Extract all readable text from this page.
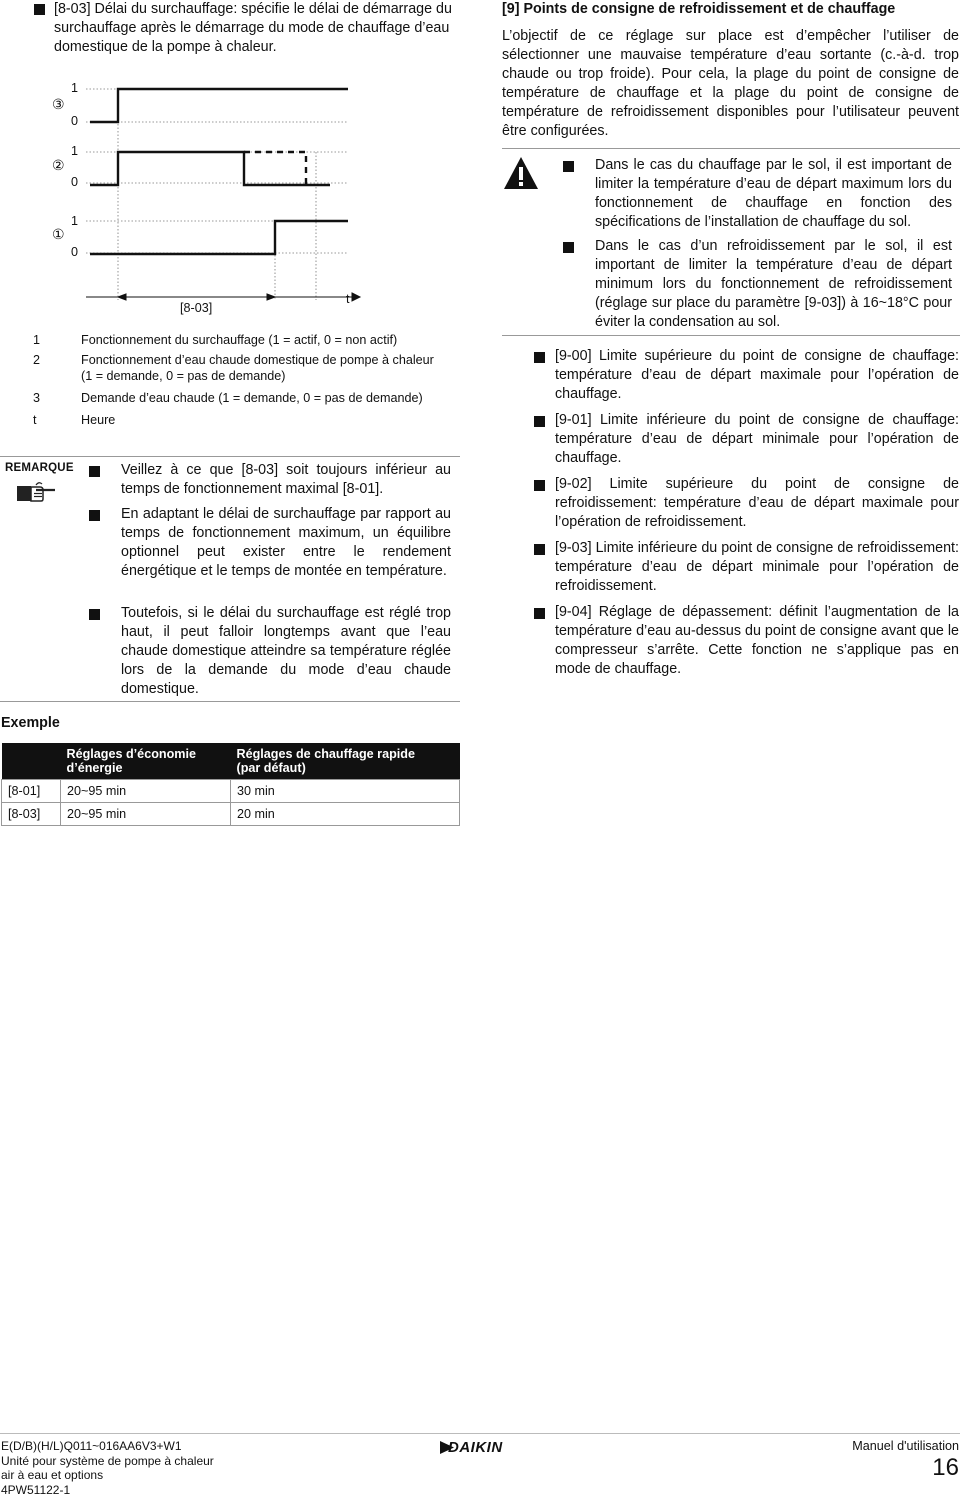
[8-03] Délai du surchauffage: spécifie le délai de démarrage du surchauffage après le démarrage du mode de chauffage d’eau domestique de la pompe à chaleur.
③
②
①
1
0
1
0
1
0
[8-03]
t
1	Fonctionnement du surchauffage (1 = actif, 0 = non actif)
2	Fonctionnement d’eau chaude domestique de pompe à chaleur
(1 = demande, 0 = pas de demande)
3	Demande d’eau chaude (1 = demande, 0 = pas de demande)
t	Heure
REMARQUE	Veillez à ce que [8-03] soit toujours inférieur au temps de fonctionnement maximal [8-01].
En adaptant le délai de surchauffage par rapport au temps de fonctionnement maximum, un équilibre optionnel peut exister entre le rendement énergétique et le temps de montée en température.
Toutefois, si le délai du surchauffage est réglé trop haut, il peut falloir longtemps avant que l’eau chaude domestique atteindre sa température réglée lors de la demande du mode d’eau chaude domestique.
Exemple
	Réglages d’économie
d’énergie	Réglages de chauffage rapide
(par défaut)
[8-01]	20~95 min	30 min
[8-03]	20~95 min	20 min
[9] Points de consigne de refroidissement et de chauffage
L’objectif de ce réglage sur place est d’empêcher l’utiliser de sélectionner une mauvaise température d’eau sortante (c.-à-d. trop chaude ou trop froide). Pour cela, la plage du point de consigne de température de chauffage et la plage du point de consigne de température de refroidissement disponibles pour l’utilisateur peuvent être configurées.
Dans le cas du chauffage par le sol, il est important de limiter la température d’eau de départ maximum lors du fonctionnement de chauffage en fonction des spécifications de l’installation de chauffage du sol.
Dans le cas d’un refroidissement par le sol, il est important de limiter la température d’eau de départ minimum lors du fonctionnement de refroidissement (réglage sur place du paramètre [9-03]) à 16~18°C pour éviter la condensation au sol.
[9-00] Limite supérieure du point de consigne de chauffage: température d’eau de départ maximale pour l’opération de chauffage.
[9-01] Limite inférieure du point de consigne de chauffage: température d’eau de départ minimale pour l’opération de chauffage.
[9-02] Limite supérieure du point de consigne de refroidissement: température d’eau de départ maximale pour l’opération de refroidissement.
[9-03] Limite inférieure du point de consigne de refroidissement: température d’eau de départ minimale pour l’opération de refroidissement.
[9-04] Réglage de dépassement: définit l’augmentation de la température d’eau au-dessus du point de consigne avant que le compresseur s’arrête. Cette fonction ne s’applique pas en mode de chauffage.
E(D/B)(H/L)Q011~016AA6V3+W1
Unité pour système de pompe à chaleur
air à eau et options
4PW51122-1
DAIKIN	Manuel d'utilisation
16
